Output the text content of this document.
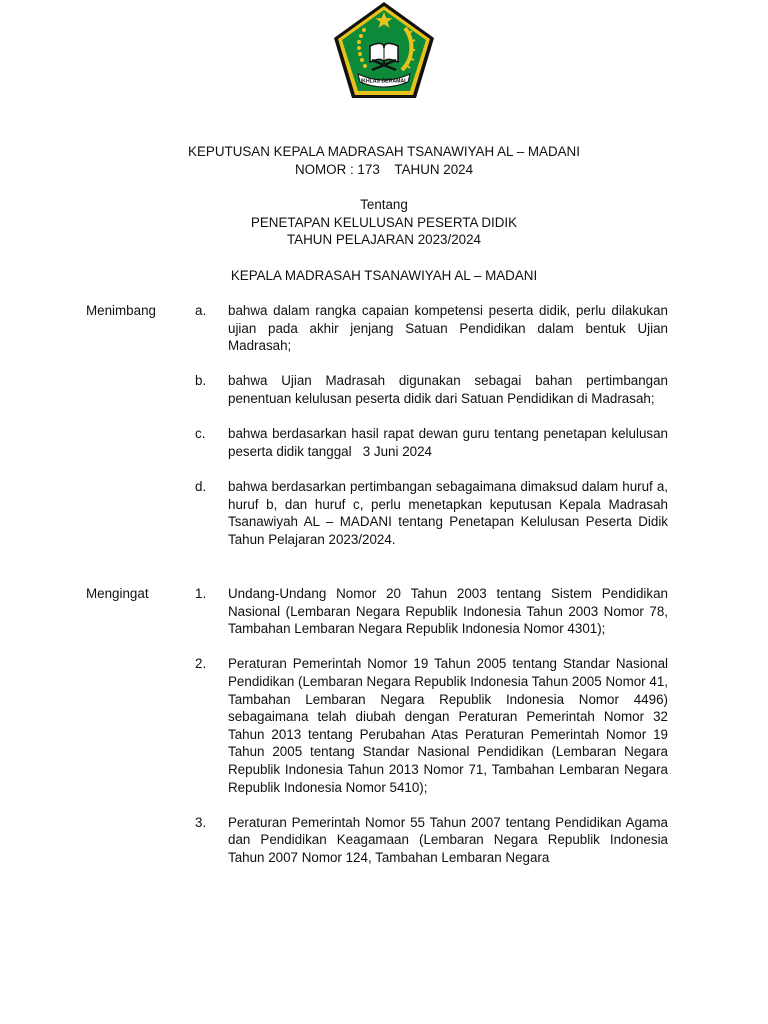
IKHLAS BERAMAL
KEPUTUSAN KEPALA MADRASAH TSANAWIYAH AL – MADANI
NOMOR : 173    TAHUN 2024
Tentang
PENETAPAN KELULUSAN PESERTA DIDIK
TAHUN PELAJARAN 2023/2024
KEPALA MADRASAH TSANAWIYAH AL – MADANI
Menimbang	a.	bahwa dalam rangka capaian kompetensi peserta didik, perlu dilakukan ujian pada akhir jenjang Satuan Pendidikan dalam bentuk Ujian Madrasah;
b.	bahwa Ujian Madrasah digunakan sebagai bahan pertimbangan penentuan kelulusan peserta didik dari Satuan Pendidikan di Madrasah;
c.	bahwa berdasarkan hasil rapat dewan guru tentang penetapan kelulusan peserta didik tanggal   3 Juni 2024
d.	bahwa berdasarkan pertimbangan sebagaimana dimaksud dalam huruf a, huruf b, dan huruf c, perlu menetapkan keputusan Kepala Madrasah Tsanawiyah AL – MADANI tentang Penetapan Kelulusan Peserta Didik Tahun Pelajaran 2023/2024.
Mengingat	1.	Undang-Undang Nomor 20 Tahun 2003 tentang Sistem Pendidikan Nasional (Lembaran Negara Republik Indonesia Tahun 2003 Nomor 78, Tambahan Lembaran Negara Republik Indonesia Nomor 4301);
2.	Peraturan Pemerintah Nomor 19 Tahun 2005 tentang Standar Nasional Pendidikan (Lembaran Negara Republik Indonesia Tahun 2005 Nomor 41, Tambahan Lembaran Negara Republik Indonesia Nomor 4496) sebagaimana telah diubah dengan Peraturan Pemerintah Nomor 32 Tahun 2013 tentang Perubahan Atas Peraturan Pemerintah Nomor 19 Tahun 2005 tentang Standar Nasional Pendidikan (Lembaran Negara Republik Indonesia Tahun 2013 Nomor 71, Tambahan Lembaran Negara Republik Indonesia Nomor 5410);
3.	Peraturan Pemerintah Nomor 55 Tahun 2007 tentang Pendidikan Agama dan Pendidikan Keagamaan (Lembaran Negara Republik Indonesia Tahun 2007 Nomor 124, Tambahan Lembaran Negara
